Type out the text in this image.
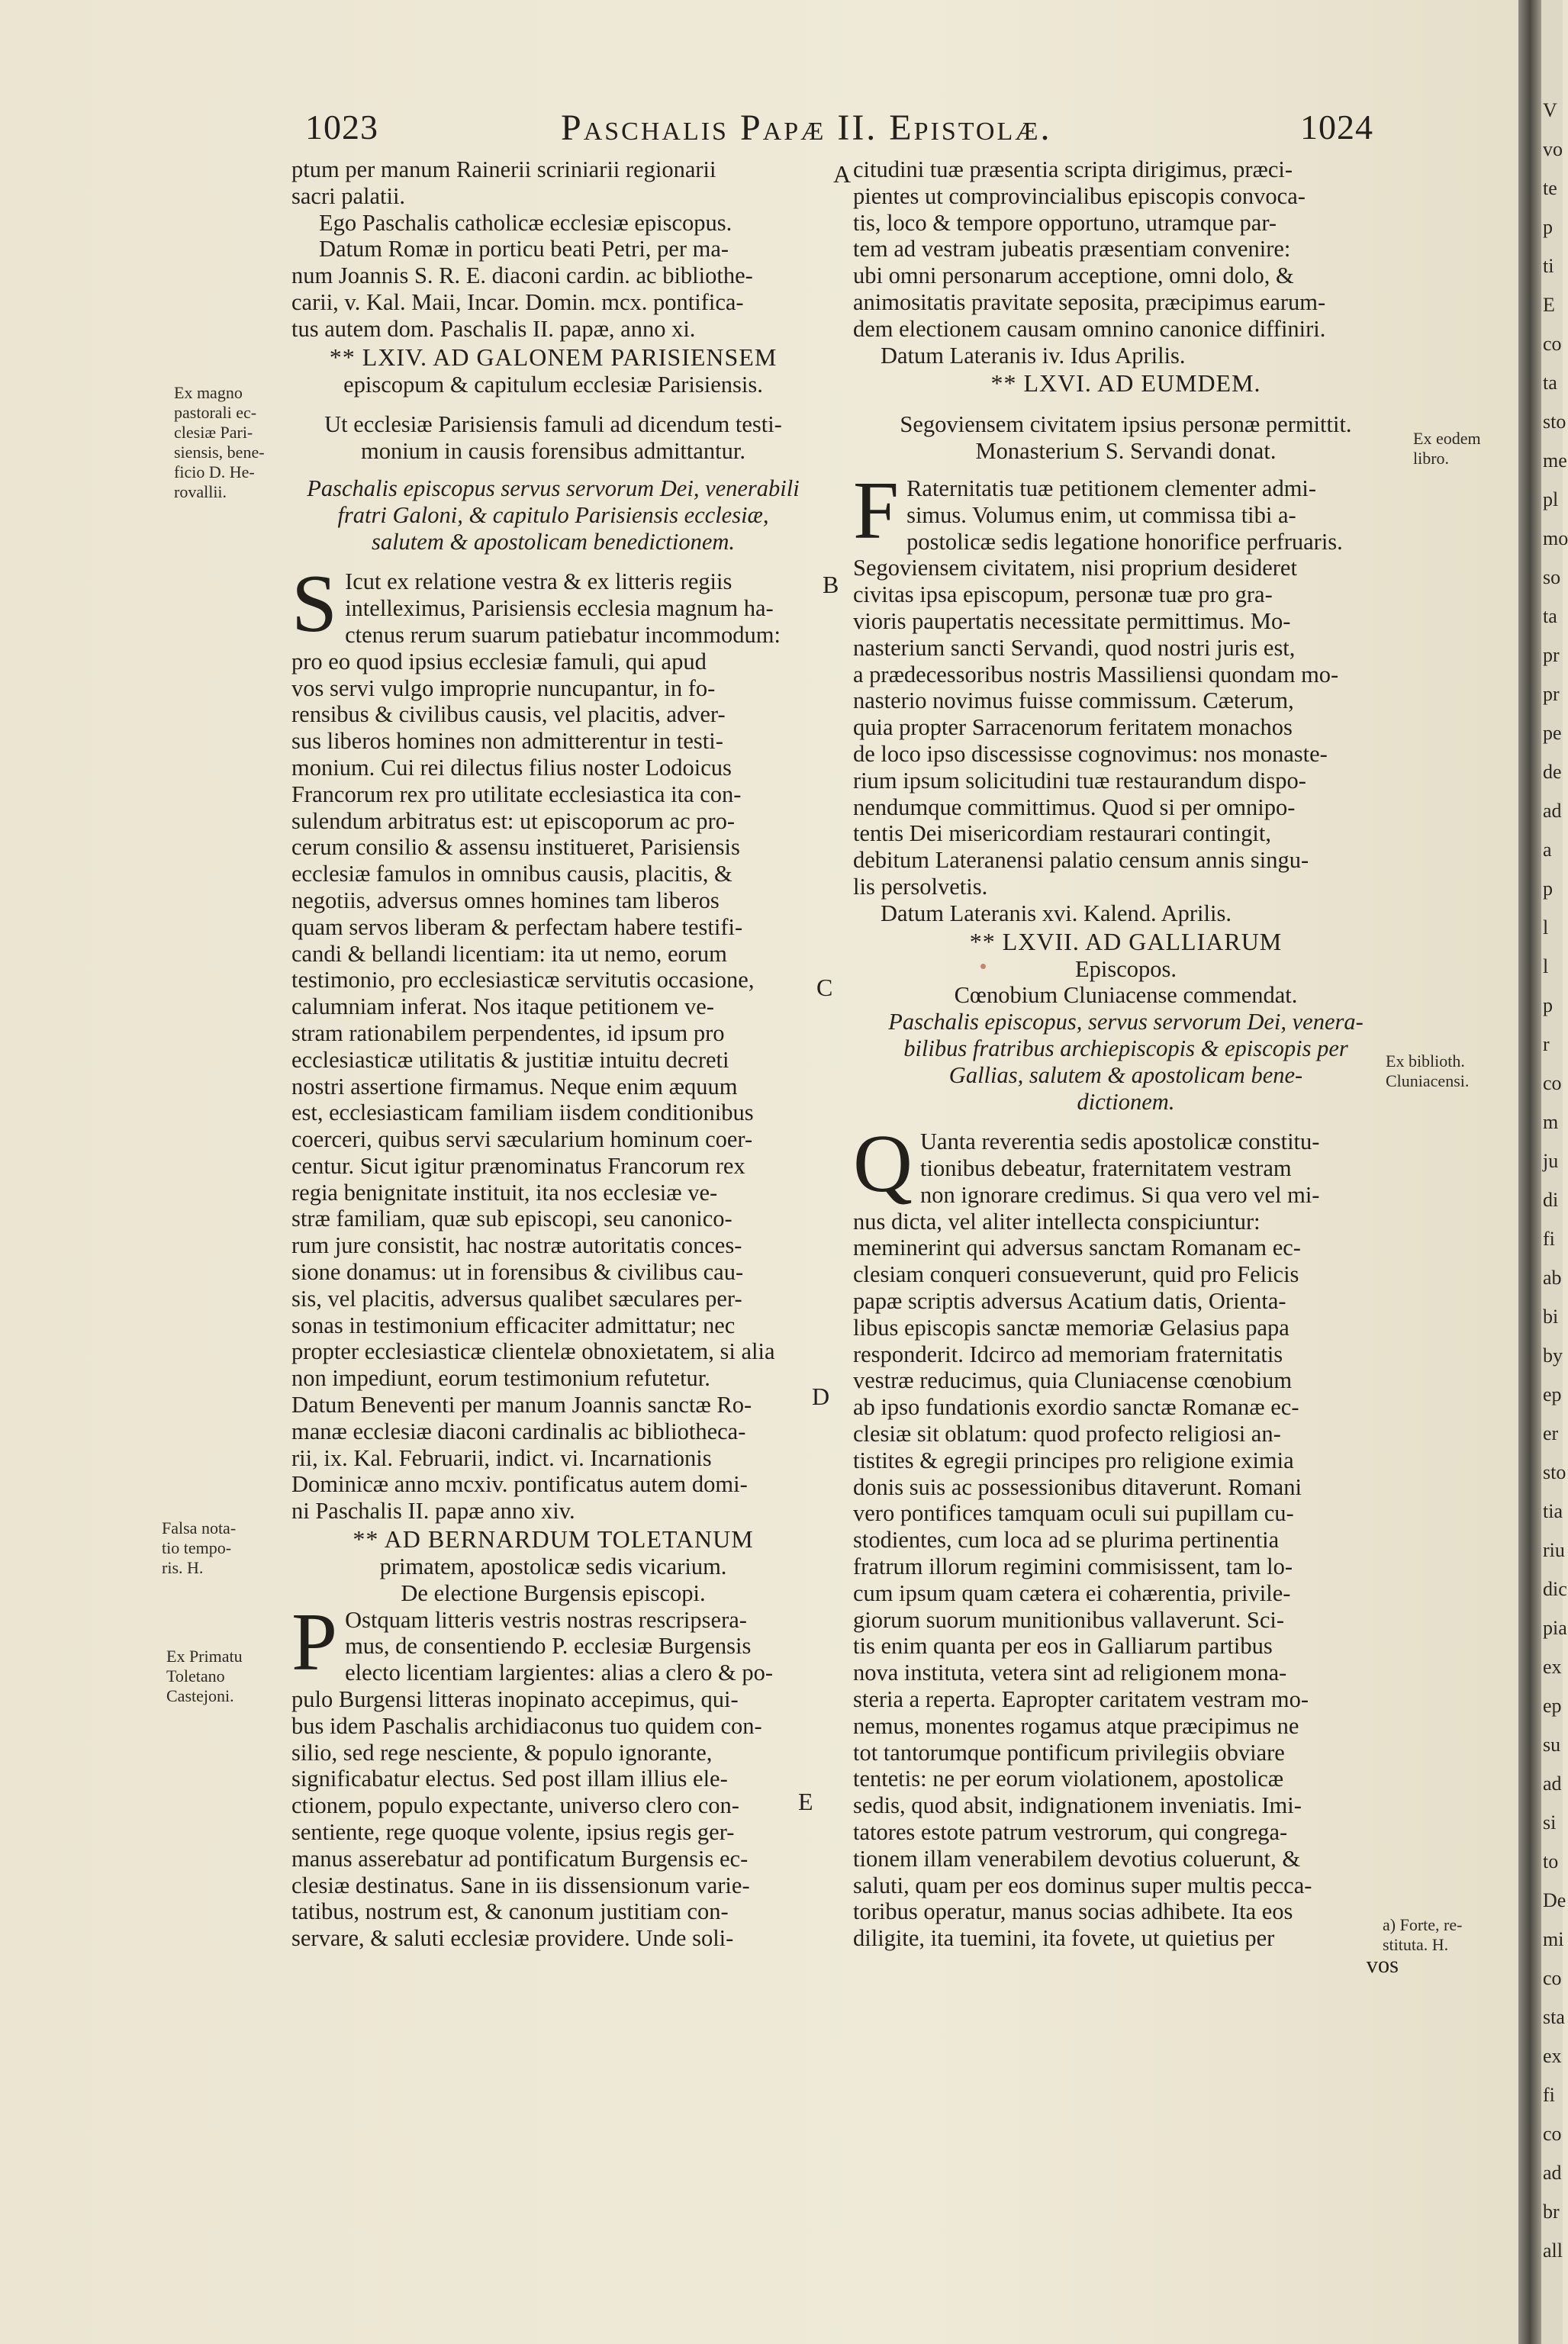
1023	Paschalis Papæ II. Epistolæ.	1024
A
B
C
D
E
Ex magno
pastorali ec-
clesiæ Pari-
siensis, bene-
ficio D. He-
rovallii.
Falsa nota-
tio tempo-
ris. H.
Ex Primatu
Toletano
Castejoni.
Ex eodem
libro.
Ex biblioth.
Cluniacensi.
a) Forte, re-
stituta. H.

ptum per manum Rainerii scriniarii regionarii

sacri palatii.

Ego Paschalis catholicæ ecclesiæ episcopus.

Datum Romæ in porticu beati Petri, per ma-

num Joannis S. R. E. diaconi cardin. ac bibliothe-

carii, v. Kal. Maii, Incar. Domin. mcx. pontifica-

tus autem dom. Paschalis II. papæ, anno xi.

** LXIV. AD GALONEM PARISIENSEM

episcopum & capitulum ecclesiæ Parisiensis.

Ut ecclesiæ Parisiensis famuli ad dicendum testi-

monium in causis forensibus admittantur.

Paschalis episcopus servus servorum Dei, venerabili

fratri Galoni, & capitulo Parisiensis ecclesiæ,

salutem & apostolicam benedictionem.

S Icut ex relatione vestra & ex litteris regiis

intelleximus, Parisiensis ecclesia magnum ha-

ctenus rerum suarum patiebatur incommodum:

pro eo quod ipsius ecclesiæ famuli, qui apud

vos servi vulgo improprie nuncupantur, in fo-

rensibus & civilibus causis, vel placitis, adver-

sus liberos homines non admitterentur in testi-

monium. Cui rei dilectus filius noster Lodoicus

Francorum rex pro utilitate ecclesiastica ita con-

sulendum arbitratus est: ut episcoporum ac pro-

cerum consilio & assensu institueret, Parisiensis

ecclesiæ famulos in omnibus causis, placitis, &

negotiis, adversus omnes homines tam liberos

quam servos liberam & perfectam habere testifi-

candi & bellandi licentiam: ita ut nemo, eorum

testimonio, pro ecclesiasticæ servitutis occasione,

calumniam inferat. Nos itaque petitionem ve-

stram rationabilem perpendentes, id ipsum pro

ecclesiasticæ utilitatis & justitiæ intuitu decreti

nostri assertione firmamus. Neque enim æquum

est, ecclesiasticam familiam iisdem conditionibus

coerceri, quibus servi sæcularium hominum coer-

centur. Sicut igitur prænominatus Francorum rex

regia benignitate instituit, ita nos ecclesiæ ve-

stræ familiam, quæ sub episcopi, seu canonico-

rum jure consistit, hac nostræ autoritatis conces-

sione donamus: ut in forensibus & civilibus cau-

sis, vel placitis, adversus qualibet sæculares per-

sonas in testimonium efficaciter admittatur; nec

propter ecclesiasticæ clientelæ obnoxietatem, si alia

non impediunt, eorum testimonium refutetur.

Datum Beneventi per manum Joannis sanctæ Ro-

manæ ecclesiæ diaconi cardinalis ac bibliotheca-

rii, ix. Kal. Februarii, indict. vi. Incarnationis

Dominicæ anno mcxiv. pontificatus autem domi-

ni Paschalis II. papæ anno xiv.

** AD BERNARDUM TOLETANUM

primatem, apostolicæ sedis vicarium.

De electione Burgensis episcopi.

P Ostquam litteris vestris nostras rescripsera-

mus, de consentiendo P. ecclesiæ Burgensis

electo licentiam largientes: alias a clero & po-

pulo Burgensi litteras inopinato accepimus, qui-

bus idem Paschalis archidiaconus tuo quidem con-

silio, sed rege nesciente, & populo ignorante,

significabatur electus. Sed post illam illius ele-

ctionem, populo expectante, universo clero con-

sentiente, rege quoque volente, ipsius regis ger-

manus asserebatur ad pontificatum Burgensis ec-

clesiæ destinatus. Sane in iis dissensionum varie-

tatibus, nostrum est, & canonum justitiam con-

servare, & saluti ecclesiæ providere. Unde soli-

citudini tuæ præsentia scripta dirigimus, præci-

pientes ut comprovincialibus episcopis convoca-

tis, loco & tempore opportuno, utramque par-

tem ad vestram jubeatis præsentiam convenire:

ubi omni personarum acceptione, omni dolo, &

animositatis pravitate seposita, præcipimus earum-

dem electionem causam omnino canonice diffiniri.

Datum Lateranis iv. Idus Aprilis.

** LXVI. AD EUMDEM.

Segoviensem civitatem ipsius personæ permittit.

Monasterium S. Servandi donat.

F Raternitatis tuæ petitionem clementer admi-

simus. Volumus enim, ut commissa tibi a-

postolicæ sedis legatione honorifice perfruaris.

Segoviensem civitatem, nisi proprium desideret

civitas ipsa episcopum, personæ tuæ pro gra-

vioris paupertatis necessitate permittimus. Mo-

nasterium sancti Servandi, quod nostri juris est,

a prædecessoribus nostris Massiliensi quondam mo-

nasterio novimus fuisse commissum. Cæterum,

quia propter Sarracenorum feritatem monachos

de loco ipso discessisse cognovimus: nos monaste-

rium ipsum solicitudini tuæ restaurandum dispo-

nendumque committimus. Quod si per omnipo-

tentis Dei misericordiam restaurari contingit,

debitum Lateranensi palatio censum annis singu-

lis persolvetis.

Datum Lateranis xvi. Kalend. Aprilis.

** LXVII. AD GALLIARUM

Episcopos.

Cœnobium Cluniacense commendat.

Paschalis episcopus, servus servorum Dei, venera-

bilibus fratribus archiepiscopis & episcopis per

Gallias, salutem & apostolicam bene-

dictionem.

Q Uanta reverentia sedis apostolicæ constitu-

tionibus debeatur, fraternitatem vestram

non ignorare credimus. Si qua vero vel mi-

nus dicta, vel aliter intellecta conspiciuntur:

meminerint qui adversus sanctam Romanam ec-

clesiam conqueri consueverunt, quid pro Felicis

papæ scriptis adversus Acatium datis, Orienta-

libus episcopis sanctæ memoriæ Gelasius papa

responderit. Idcirco ad memoriam fraternitatis

vestræ reducimus, quia Cluniacense cœnobium

ab ipso fundationis exordio sanctæ Romanæ ec-

clesiæ sit oblatum: quod profecto religiosi an-

tistites & egregii principes pro religione eximia

donis suis ac possessionibus ditaverunt. Romani

vero pontifices tamquam oculi sui pupillam cu-

stodientes, cum loca ad se plurima pertinentia

fratrum illorum regimini commisissent, tam lo-

cum ipsum quam cætera ei cohærentia, privile-

giorum suorum munitionibus vallaverunt. Sci-

tis enim quanta per eos in Galliarum partibus

nova instituta, vetera sint ad religionem mona-

steria a reperta. Eapropter caritatem vestram mo-

nemus, monentes rogamus atque præcipimus ne

tot tantorumque pontificum privilegiis obviare

tentetis: ne per eorum violationem, apostolicæ

sedis, quod absit, indignationem inveniatis. Imi-

tatores estote patrum vestrorum, qui congrega-

tionem illam venerabilem devotius coluerunt, &

saluti, quam per eos dominus super multis pecca-

toribus operatur, manus socias adhibete. Ita eos

diligite, ita tuemini, ita fovete, ut quietius per

vos

V
vo
te
p
ti
E
co
ta
sto
me
pl
mo
so
ta
pr
pr
pe
de
ad
a
p
l
l
p
r
co
m
ju
di
fi
ab
bi
by
ep
er
sto
tia
riu
dic
pia
ex
ep
su
ad
si
to
De
mi
co
sta
ex
fi
co
ad
br
all
